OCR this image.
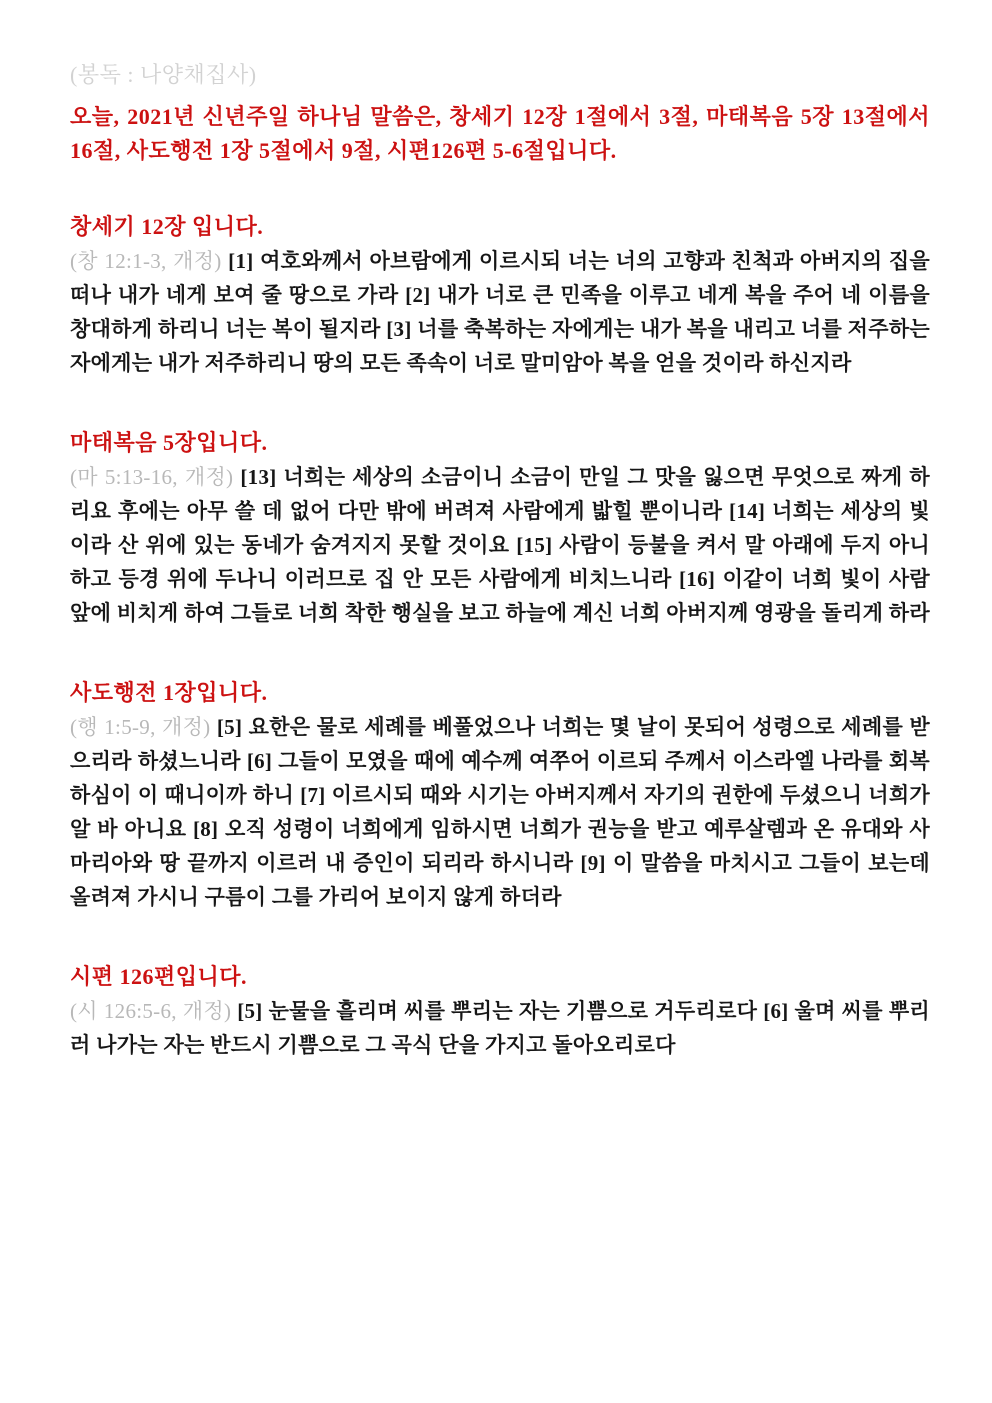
(봉독 : 나양채집사)

오늘, 2021년 신년주일 하나님 말씀은, 창세기 12장 1절에서 3절, 마태복음 5장 13절에서 16절, 사도행전 1장 5절에서 9절, 시편126편 5-6절입니다.

창세기 12장 입니다.

(창 12:1-3, 개정) [1] 여호와께서 아브람에게 이르시되 너는 너의 고향과 친척과 아버지의 집을 떠나 내가 네게 보여 줄 땅으로 가라 [2] 내가 너로 큰 민족을 이루고 네게 복을 주어 네 이름을 창대하게 하리니 너는 복이 될지라 [3] 너를 축복하는 자에게는 내가 복을 내리고 너를 저주하는 자에게는 내가 저주하리니 땅의 모든 족속이 너로 말미암아 복을 얻을 것이라 하신지라

마태복음 5장입니다.

(마 5:13-16, 개정) [13] 너희는 세상의 소금이니 소금이 만일 그 맛을 잃으면 무엇으로 짜게 하리요 후에는 아무 쓸 데 없어 다만 밖에 버려져 사람에게 밟힐 뿐이니라 [14] 너희는 세상의 빛이라 산 위에 있는 동네가 숨겨지지 못할 것이요 [15] 사람이 등불을 켜서 말 아래에 두지 아니하고 등경 위에 두나니 이러므로 집 안 모든 사람에게 비치느니라 [16] 이같이 너희 빛이 사람 앞에 비치게 하여 그들로 너희 착한 행실을 보고 하늘에 계신 너희 아버지께 영광을 돌리게 하라

사도행전 1장입니다.

(행 1:5-9, 개정) [5] 요한은 물로 세례를 베풀었으나 너희는 몇 날이 못되어 성령으로 세례를 받으리라 하셨느니라 [6] 그들이 모였을 때에 예수께 여쭈어 이르되 주께서 이스라엘 나라를 회복하심이 이 때니이까 하니 [7] 이르시되 때와 시기는 아버지께서 자기의 권한에 두셨으니 너희가 알 바 아니요 [8] 오직 성령이 너희에게 임하시면 너희가 권능을 받고 예루살렘과 온 유대와 사마리아와 땅 끝까지 이르러 내 증인이 되리라 하시니라 [9] 이 말씀을 마치시고 그들이 보는데 올려져 가시니 구름이 그를 가리어 보이지 않게 하더라

시편 126편입니다.

(시 126:5-6, 개정) [5] 눈물을 흘리며 씨를 뿌리는 자는 기쁨으로 거두리로다 [6] 울며 씨를 뿌리러 나가는 자는 반드시 기쁨으로 그 곡식 단을 가지고 돌아오리로다
